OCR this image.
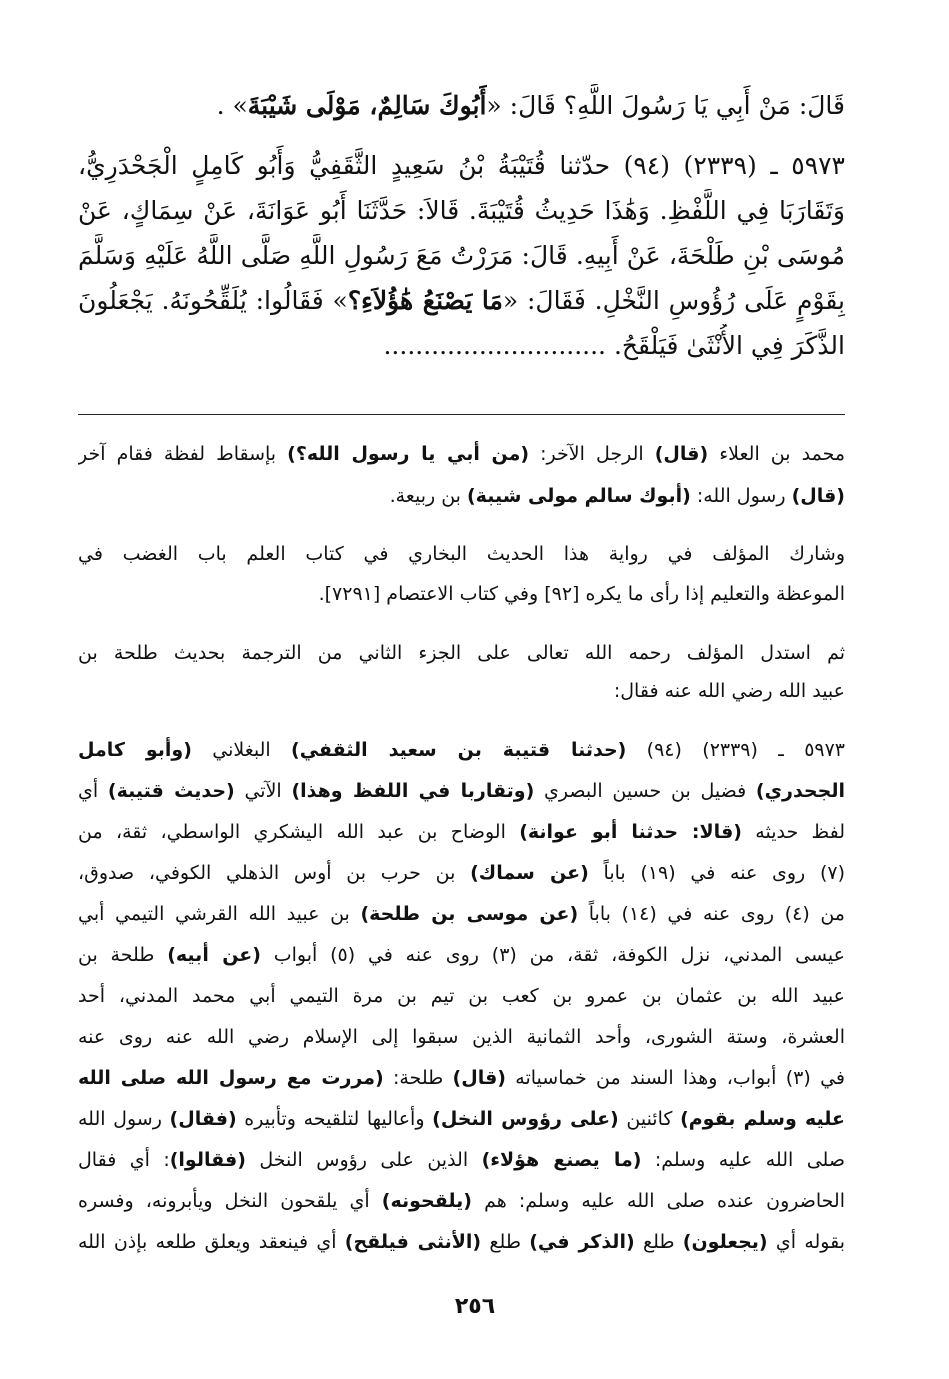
قَالَ: مَنْ أَبِي يَا رَسُولَ اللَّهِ؟ قَالَ: «أَبُوكَ سَالِمٌ، مَوْلَى شَيْبَةَ» .

٥٩٧٣ ـ (٢٣٣٩) (٩٤) حدّثنا قُتَيْبَةُ بْنُ سَعِيدٍ الثَّقَفِيُّ وَأَبُو كَامِلٍ الْجَحْدَرِيُّ،

وَتَقَارَبَا فِي اللَّفْظِ. وَهَٰذَا حَدِيثُ قُتَيْبَةَ. قَالاَ: حَدَّثَنَا أَبُو عَوَانَةَ، عَنْ سِمَاكٍ، عَنْ

مُوسَى بْنِ طَلْحَةَ، عَنْ أَبِيهِ. قَالَ: مَرَرْتُ مَعَ رَسُولِ اللَّهِ صَلَّى اللَّهُ عَلَيْهِ وَسَلَّمَ

بِقَوْمٍ عَلَى رُؤُوسِ النَّخْلِ. فَقَالَ: «مَا يَصْنَعُ هَٰؤُلاَءِ؟» فَقَالُوا: يُلَقِّحُونَهُ. يَجْعَلُونَ

الذَّكَرَ فِي الأُنْثَىٰ فَيَلْقَحُ. ............................

محمد بن العلاء (قال) الرجل الآخر: (من أبي يا رسول الله؟) بإسقاط لفظة فقام آخر

(قال) رسول الله: (أبوك سالم مولى شيبة) بن ربيعة.

وشارك المؤلف في رواية هذا الحديث البخاري في كتاب العلم باب الغضب في

الموعظة والتعليم إذا رأى ما يكره [٩٢] وفي كتاب الاعتصام [٧٢٩١].

ثم استدل المؤلف رحمه الله تعالى على الجزء الثاني من الترجمة بحديث طلحة بن

عبيد الله رضي الله عنه فقال:

٥٩٧٣ ـ (٢٣٣٩) (٩٤) (حدثنا قتيبة بن سعيد الثقفي) البغلاني (وأبو كامل

الجحدري) فضيل بن حسين البصري (وتقاربا في اللفظ وهذا) الآتي (حديث قتيبة) أي

لفظ حديثه (قالا: حدثنا أبو عوانة) الوضاح بن عبد الله اليشكري الواسطي، ثقة، من

(٧) روى عنه في (١٩) باباً (عن سماك) بن حرب بن أوس الذهلي الكوفي، صدوق،

من (٤) روى عنه في (١٤) باباً (عن موسى بن طلحة) بن عبيد الله القرشي التيمي أبي

عيسى المدني، نزل الكوفة، ثقة، من (٣) روى عنه في (٥) أبواب (عن أبيه) طلحة بن

عبيد الله بن عثمان بن عمرو بن كعب بن تيم بن مرة التيمي أبي محمد المدني، أحد

العشرة، وستة الشورى، وأحد الثمانية الذين سبقوا إلى الإسلام رضي الله عنه روى عنه

في (٣) أبواب، وهذا السند من خماسياته (قال) طلحة: (مررت مع رسول الله صلى الله

عليه وسلم بقوم) كائنين (على رؤوس النخل) وأعاليها لتلقيحه وتأبيره (فقال) رسول الله

صلى الله عليه وسلم: (ما يصنع هؤلاء) الذين على رؤوس النخل (فقالوا): أي فقال

الحاضرون عنده صلى الله عليه وسلم: هم (يلقحونه) أي يلقحون النخل ويأبرونه، وفسره

بقوله أي (يجعلون) طلع (الذكر في) طلع (الأنثى فيلقح) أي فينعقد ويعلق طلعه بإذن الله

٢٥٦
